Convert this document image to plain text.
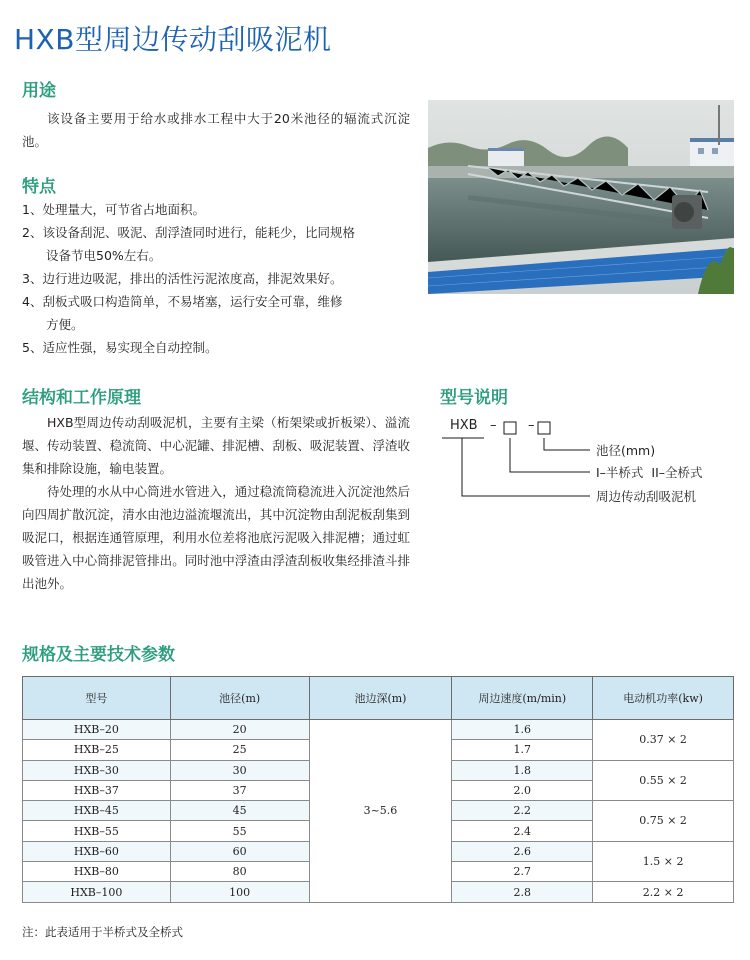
HXB型周边传动刮吸泥机
用途

该设备主要用于给水或排水工程中大于20米池径的辐流式沉淀池。

特点
1、处理量大，可节省占地面积。
2、该设备刮泥、吸泥、刮浮渣同时进行，能耗少，比同规格
设备节电50%左右。
3、边行进边吸泥，排出的活性污泥浓度高，排泥效果好。
4、刮板式吸口构造简单，不易堵塞，运行安全可靠，维修
方便。
5、适应性强，易实现全自动控制。
结构和工作原理

HXB型周边传动刮吸泥机，主要有主梁（桁架梁或折板梁）、溢流堰、传动装置、稳流筒、中心泥罐、排泥槽、刮板、吸泥装置、浮渣收集和排除设施，输电装置。

待处理的水从中心筒进水管进入，通过稳流筒稳流进入沉淀池然后向四周扩散沉淀，清水由池边溢流堰流出，其中沉淀物由刮泥板刮集到吸泥口，根据连通管原理，利用水位差将池底污泥吸入排泥槽；通过虹吸管进入中心筒排泥管排出。同时池中浮渣由浮渣刮板收集经排渣斗排出池外。

型号说明
HXB – –
池径(mm)
I–半桥式  II–全桥式
周边传动刮吸泥机
规格及主要技术参数
型号	池径(m)	池边深(m)	周边速度(m/min)	电动机功率(kw)
HXB–20	20	3~5.6	1.6	0.37 × 2
HXB–25	25		1.7	
HXB–30	30		1.8	0.55 × 2
HXB–37	37		2.0	
HXB–45	45		2.2	0.75 × 2
HXB–55	55		2.4	
HXB–60	60		2.6	1.5 × 2
HXB–80	80		2.7	
HXB–100	100		2.8	2.2 × 2
注：此表适用于半桥式及全桥式
